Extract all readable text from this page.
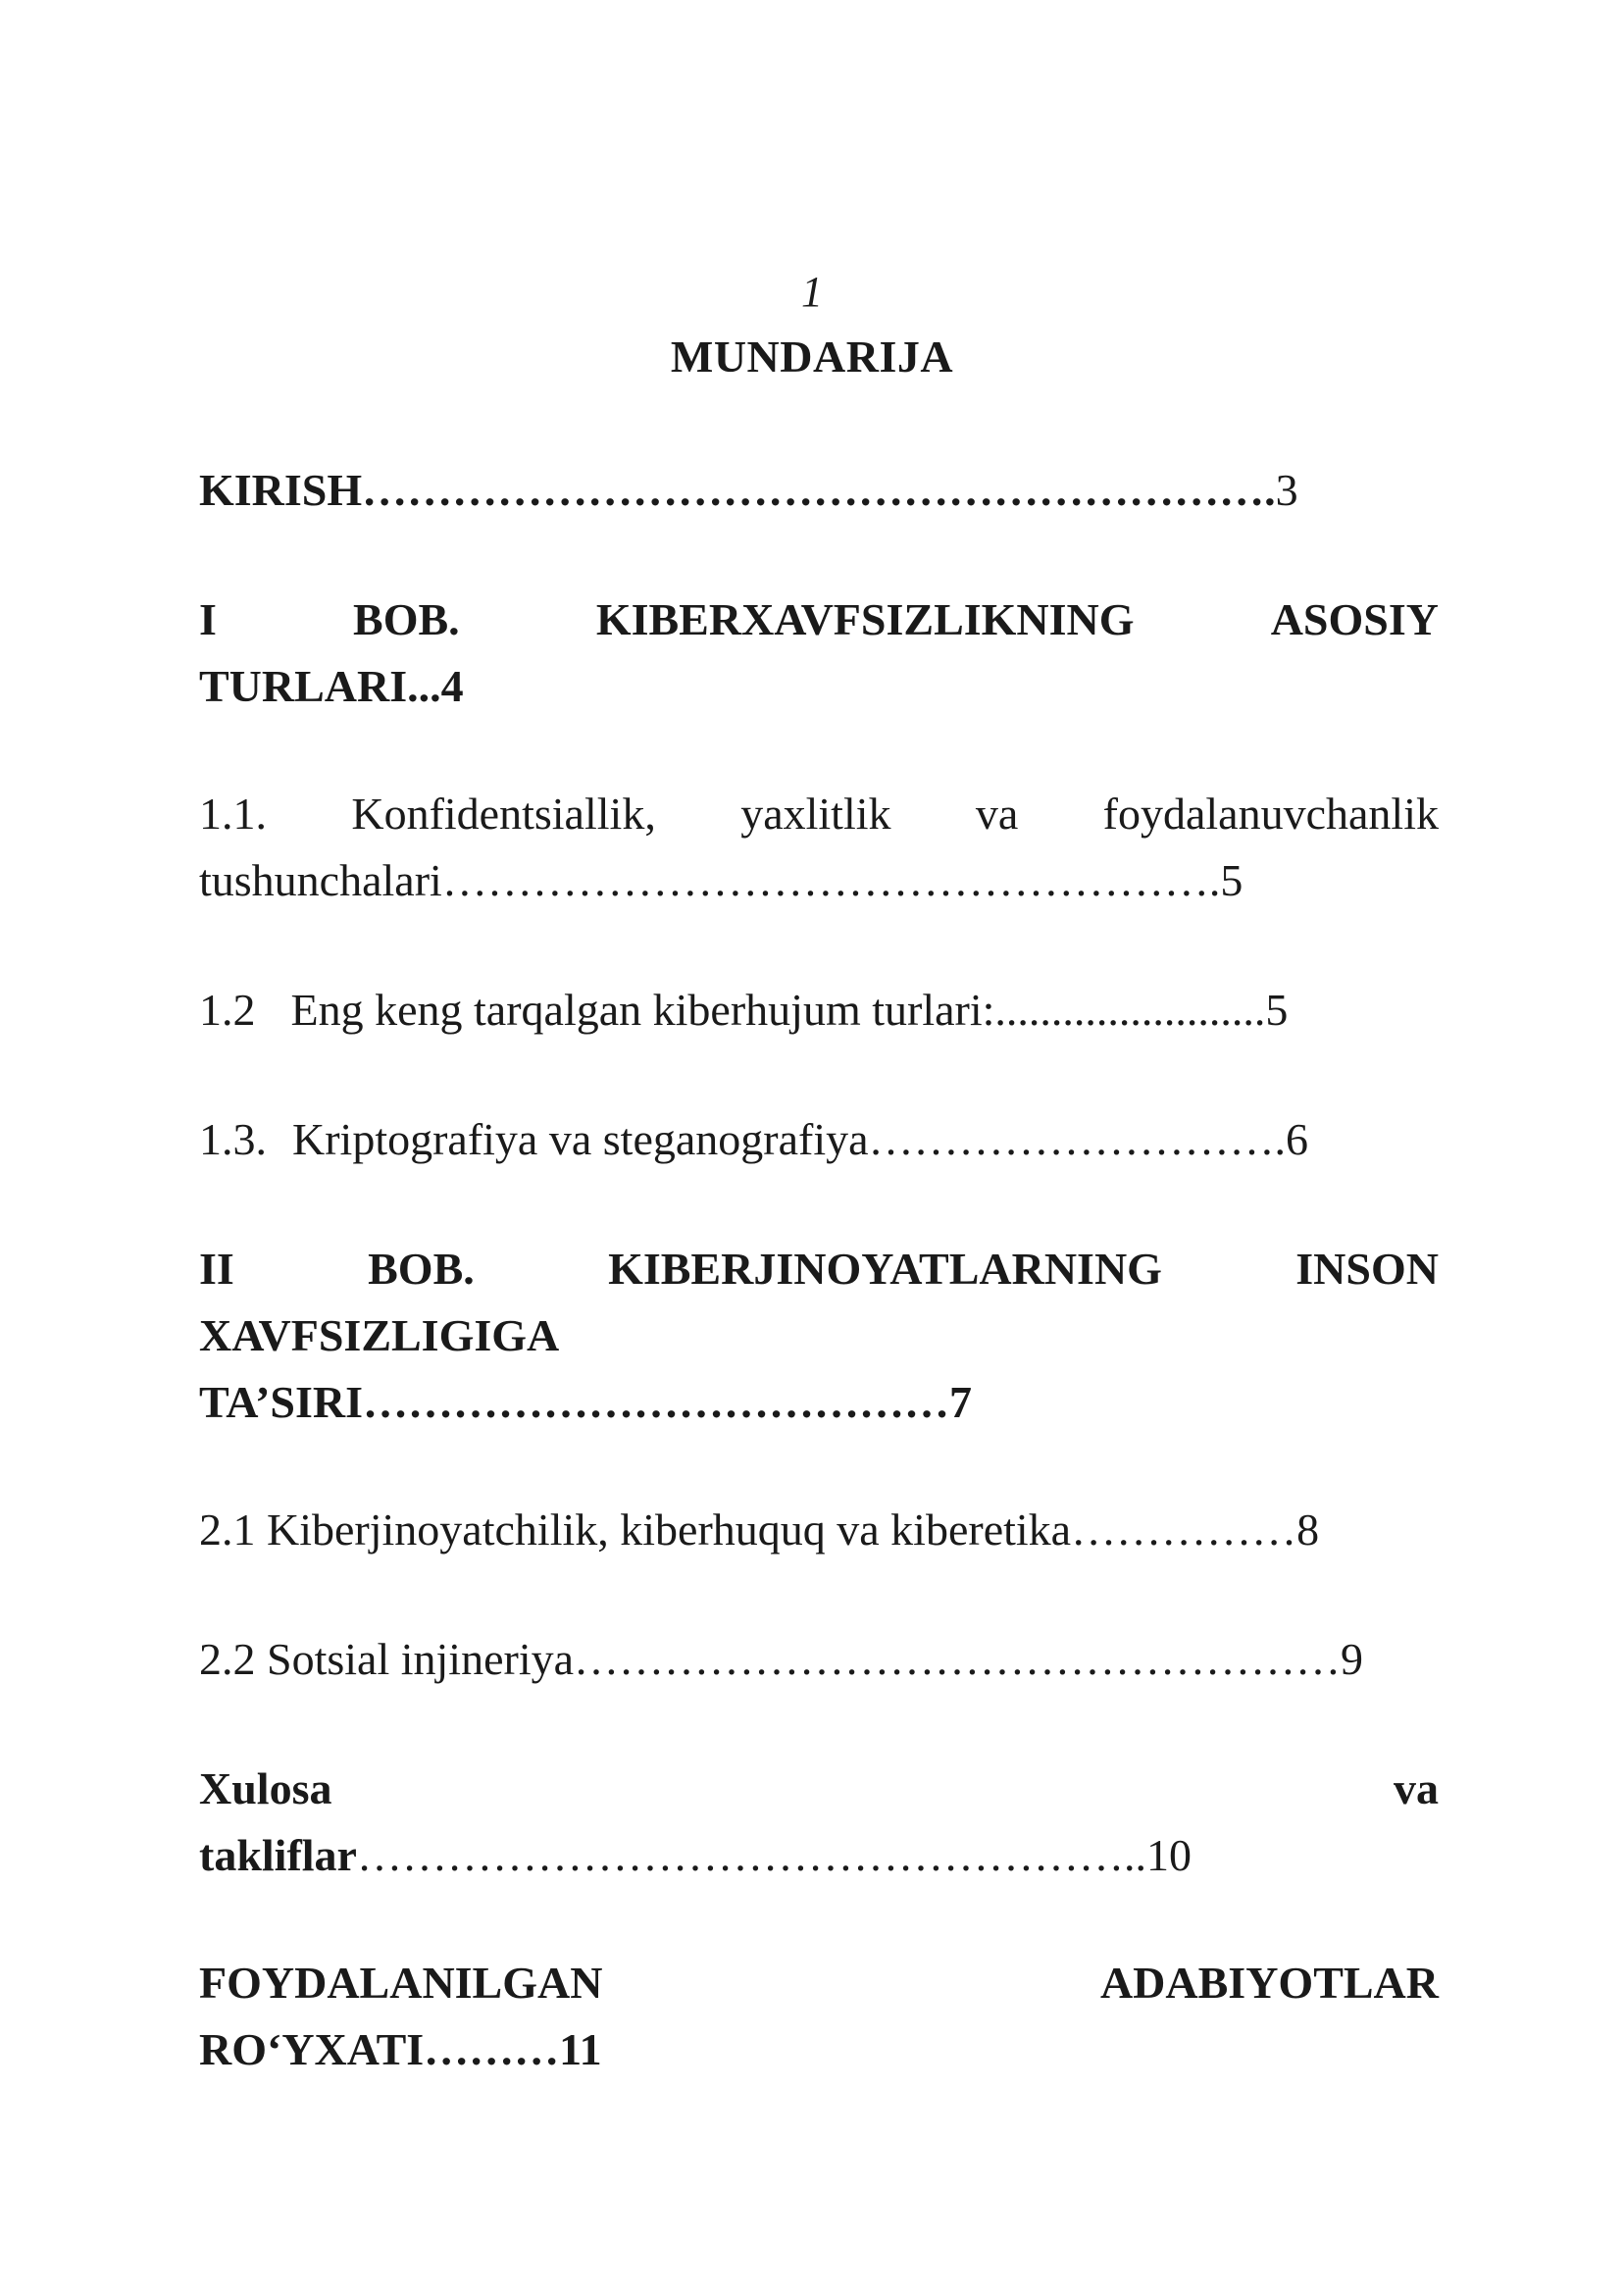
1
MUNDARIJA
KIRISH…………………………………………………….3
I	BOB.	KIBERXAVFSIZLIKNING	ASOSIY
TURLARI...4
1.1. Konfidentsiallik, yaxlitlik va foydalanuvchanlik
tushunchalari…………………………………………….5
1.2 Eng keng tarqalgan kiberhujum turlari:........................5
1.3. Kriptografiya va steganografiya……………………….6
II	BOB.	KIBERJINOYATLARNING	INSON
XAVFSIZLIGIGA
TA’SIRI…………………………………7
2.1 Kiberjinoyatchilik, kiberhuquq va kiberetika……………8
2.2 Sotsial injineriya……………………………………………9
Xulosa	va
takliflar……………………………………………..10
FOYDALANILGAN	ADABIYOTLAR
RO‘YXATI………11
